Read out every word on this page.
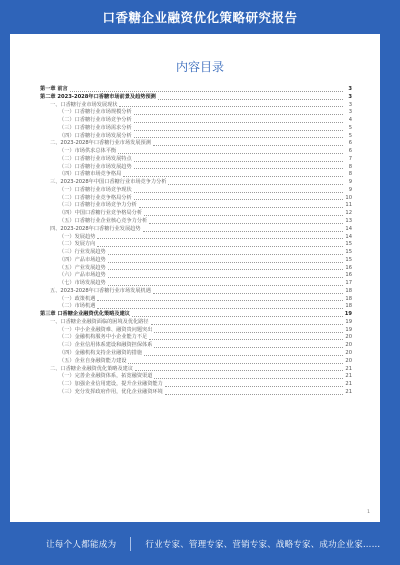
口香糖企业融资优化策略研究报告
内容目录
第一章 前言	3
第二章 2023-2028年口香糖市场前景及趋势预测	3
一、口香糖行业市场发展现状	3
（一）口香糖行业市场规模分析	3
（二）口香糖行业市场竞争分析	4
（三）口香糖行业市场需求分析	5
（四）口香糖行业市场发展分析	5
二、2023-2028年口香糖行业市场发展预测	6
（一）市场供求总体平衡	6
（二）口香糖行业市场发展特点	7
（三）口香糖行业市场发展趋势	8
（四）口香糖市场竞争格局	8
三、2023-2028年中国口香糖行业市场竞争力分析	9
（一）口香糖行业市场竞争现状	9
（二）口香糖行业竞争格局分析	10
（三）口香糖行业市场竞争力分析	11
（四）中国口香糖行业竞争格局分析	12
（五）口香糖行业企业核心竞争力分析	13
四、2023-2028年口香糖行业发展趋势	14
（一）发展趋势	14
（二）发展方向	15
（三）行业发展趋势	15
（四）产品市场趋势	15
（五）产业发展趋势	16
（六）产品市场趋势	16
（七）市场发展趋势	17
五、2023-2028年口香糖行业市场发展机遇	18
（一）政策机遇	18
（二）市场机遇	18
第三章 口香糖企业融资优化策略及建议	19
一、口香糖企业融资面临的困境及优化路径	19
（一）中小企业融资难、融资贵问题突出	19
（二）金融机构服务中小企业能力不足	20
（三）企业信用体系建设和融资担保体系	20
（四）金融机构支持企业融资的措施	20
（五）企业自身融资能力建设	20
二、口香糖企业融资优化策略及建议	21
（一）完善企业融资体系，拓宽融资渠道	21
（二）加强企业信用建设，提升企业融资能力	21
（三）充分发挥政府作用，优化企业融资环境	21
1
让每个人都能成为	行业专家、管理专家、营销专家、战略专家、成功企业家……
